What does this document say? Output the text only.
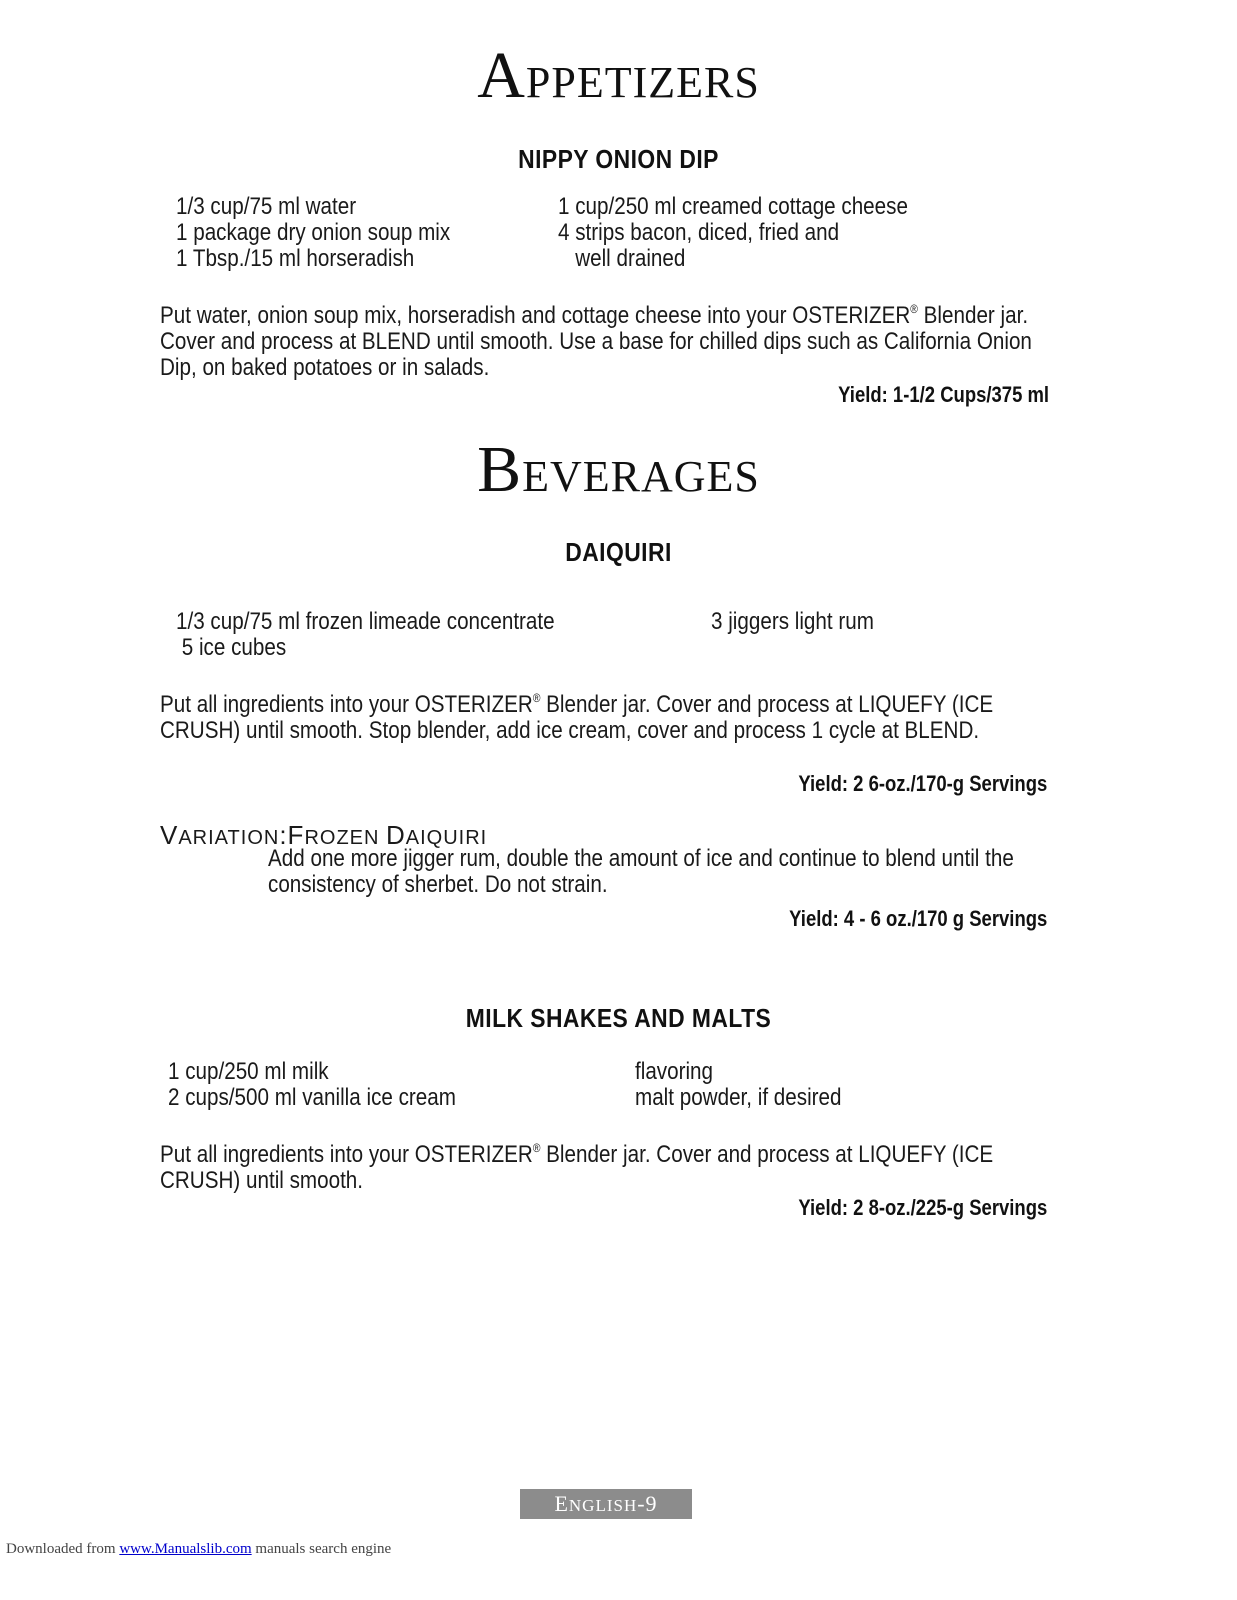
APPETIZERS
NIPPY ONION DIP
1/3 cup/75 ml water
1 package dry onion soup mix
1 Tbsp./15 ml horseradish
1 cup/250 ml creamed cottage cheese
4 strips bacon, diced, fried and
well drained
Put water, onion soup mix, horseradish and cottage cheese into your OSTERIZER® Blender jar. Cover and process at BLEND until smooth. Use a base for chilled dips such as California Onion Dip, on baked potatoes or in salads.
Yield: 1-1/2 Cups/375 ml
BEVERAGES
DAIQUIRI
1/3 cup/75 ml frozen limeade concentrate
5 ice cubes
3 jiggers light rum
Put all ingredients into your OSTERIZER® Blender jar. Cover and process at LIQUEFY (ICE CRUSH) until smooth. Stop blender, add ice cream, cover and process 1 cycle at BLEND.
Yield: 2 6-oz./170-g Servings
VARIATION:FROZEN DAIQUIRI
Add one more jigger rum, double the amount of ice and continue to blend until the consistency of sherbet. Do not strain.
Yield: 4 - 6 oz./170 g Servings
MILK SHAKES AND MALTS
1 cup/250 ml milk
2 cups/500 ml vanilla ice cream
flavoring
malt powder, if desired
Put all ingredients into your OSTERIZER® Blender jar. Cover and process at LIQUEFY (ICE CRUSH) until smooth.
Yield: 2 8-oz./225-g Servings
ENGLISH-9
Downloaded from www.Manualslib.com manuals search engine
